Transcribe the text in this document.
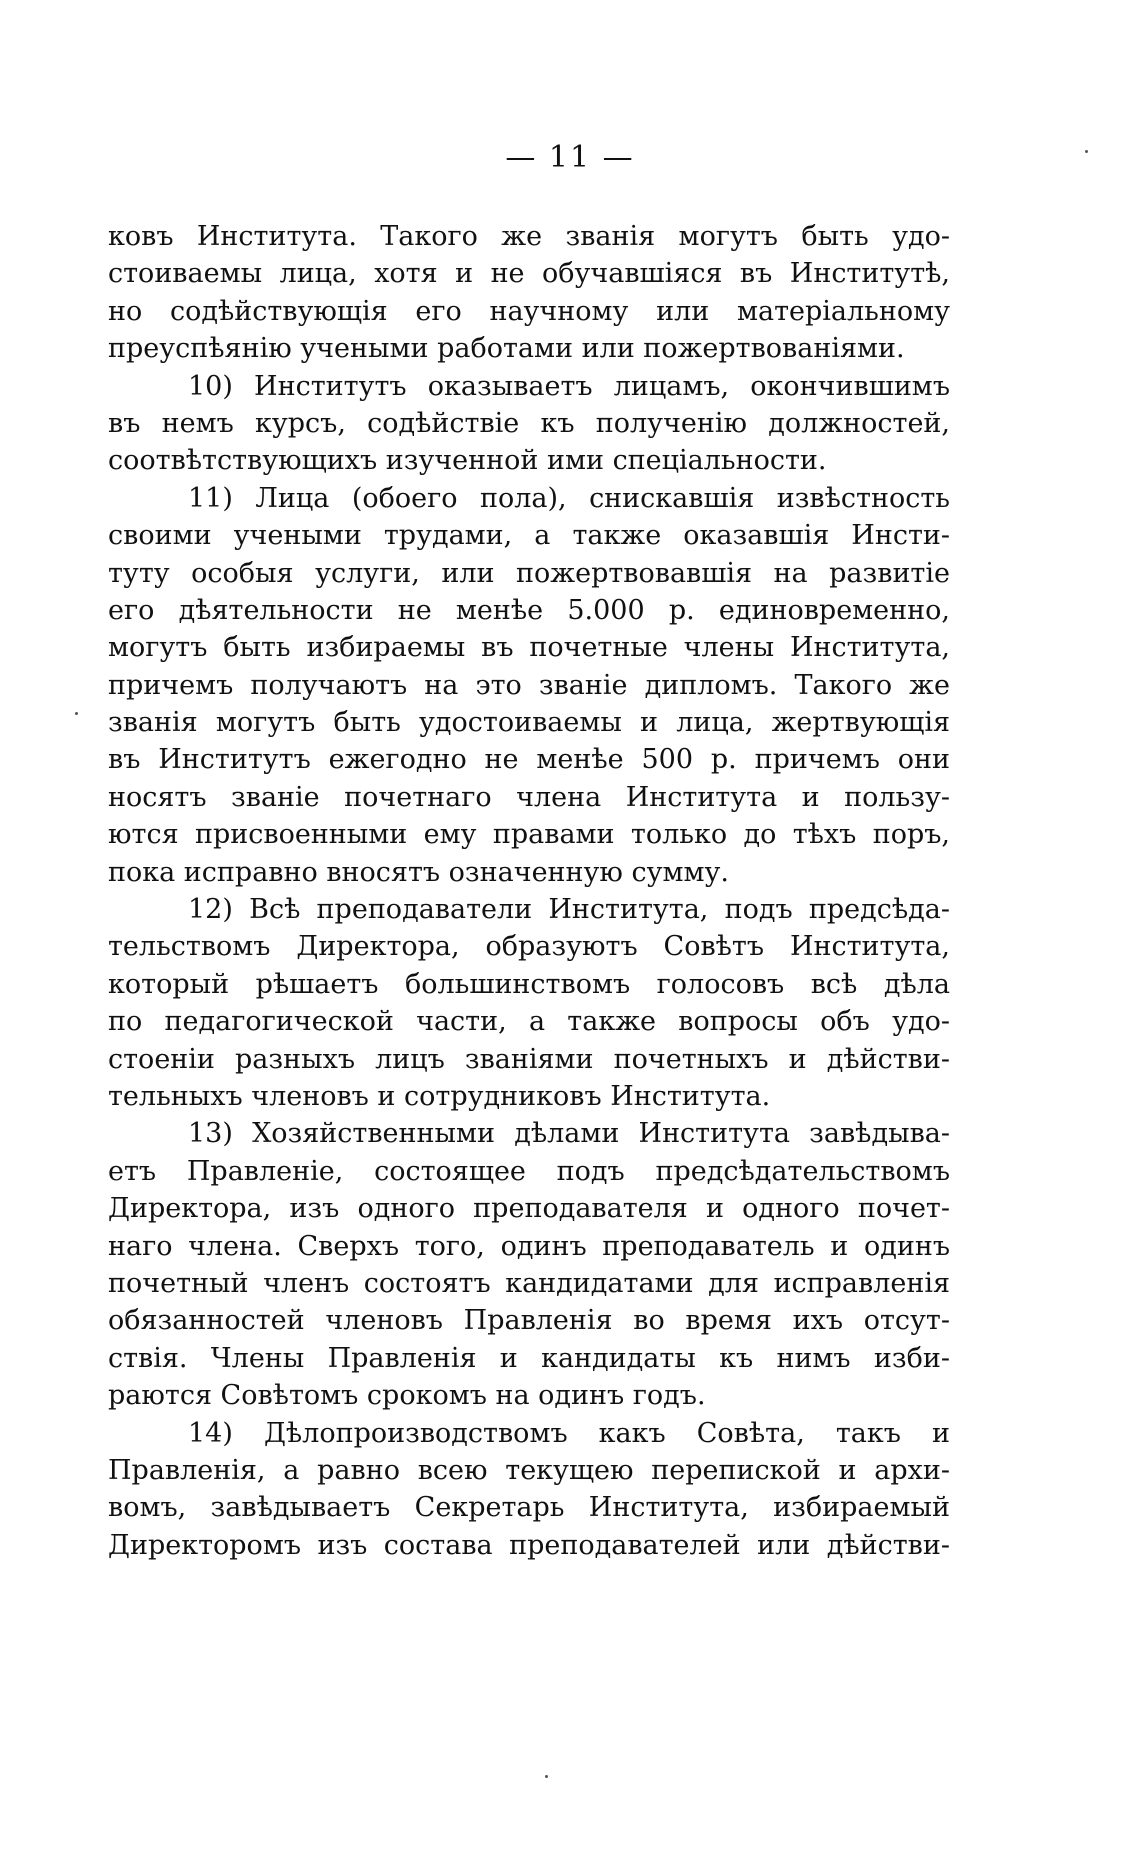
— 11 —
ковъ Института. Такого же званія могутъ быть удо-
стоиваемы лица, хотя и не обучавшіяся въ Институтѣ,
но содѣйствующія его научному или матеріальному
преуспѣянію учеными работами или пожертвованіями.
10) Институтъ оказываетъ лицамъ, окончившимъ
въ немъ курсъ, содѣйствіе къ полученію должностей,
соотвѣтствующихъ изученной ими спеціальности.
11) Лица (обоего пола), снискавшія извѣстность
своими учеными трудами, а также оказавшія Инсти-
туту особыя услуги, или пожертвовавшія на развитіе
его дѣятельности не менѣе 5.000 р. единовременно,
могутъ быть избираемы въ почетные члены Института,
причемъ получаютъ на это званіе дипломъ. Такого же
званія могутъ быть удостоиваемы и лица, жертвующія
въ Институтъ ежегодно не менѣе 500 р. причемъ они
носятъ званіе почетнаго члена Института и пользу-
ются присвоенными ему правами только до тѣхъ поръ,
пока исправно вносятъ означенную сумму.
12) Всѣ преподаватели Института, подъ предсѣда-
тельствомъ Директора, образуютъ Совѣтъ Института,
который рѣшаетъ большинствомъ голосовъ всѣ дѣла
по педагогической части, а также вопросы объ удо-
стоеніи разныхъ лицъ званіями почетныхъ и дѣйстви-
тельныхъ членовъ и сотрудниковъ Института.
13) Хозяйственными дѣлами Института завѣдыва-
етъ Правленіе, состоящее подъ предсѣдательствомъ
Директора, изъ одного преподавателя и одного почет-
наго члена. Сверхъ того, одинъ преподаватель и одинъ
почетный членъ состоятъ кандидатами для исправленія
обязанностей членовъ Правленія во время ихъ отсут-
ствія. Члены Правленія и кандидаты къ нимъ изби-
раются Совѣтомъ срокомъ на одинъ годъ.
14) Дѣлопроизводствомъ какъ Совѣта, такъ и
Правленія, а равно всею текущею перепиской и архи-
вомъ, завѣдываетъ Секретарь Института, избираемый
Директоромъ изъ состава преподавателей или дѣйстви-
